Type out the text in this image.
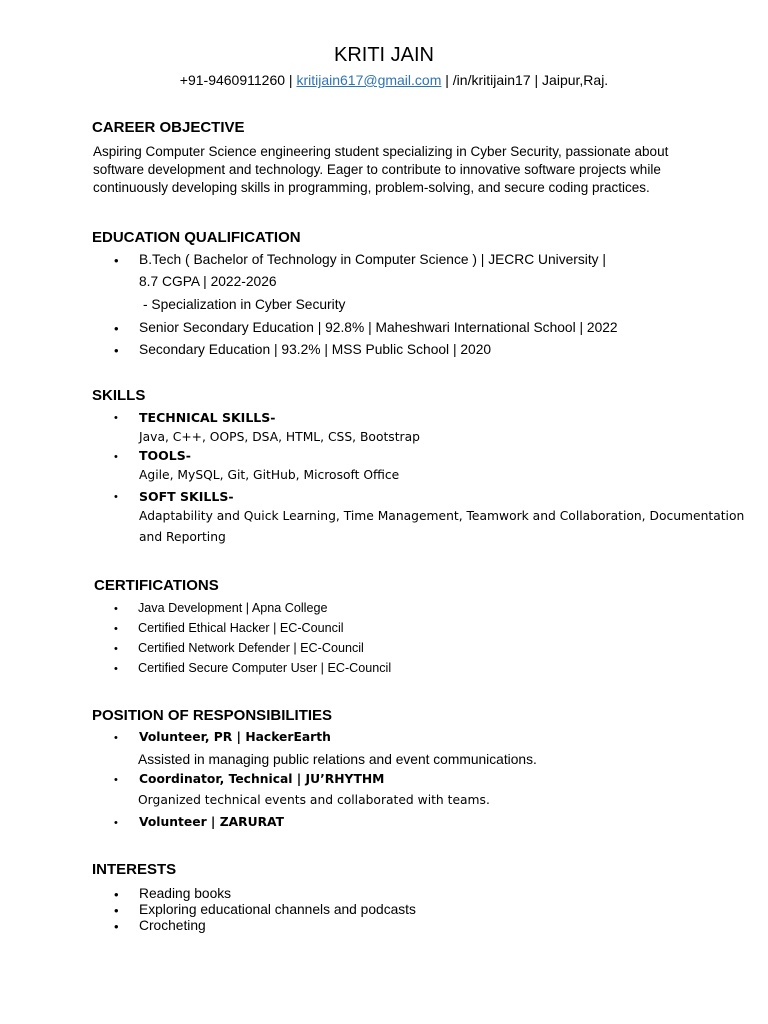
KRITI JAIN
+91-9460911260 | kritijain617@gmail.com | /in/kritijain17 | Jaipur,Raj.
CAREER OBJECTIVE
Aspiring Computer Science engineering student specializing in Cyber Security, passionate about
software development and technology. Eager to contribute to innovative software projects while
continuously developing skills in programming, problem-solving, and secure coding practices.
EDUCATION QUALIFICATION
• B.Tech ( Bachelor of Technology in Computer Science ) | JECRC University |
8.7 CGPA | 2022-2026
- Specialization in Cyber Security
• Senior Secondary Education | 92.8% | Maheshwari International School | 2022
• Secondary Education | 93.2% | MSS Public School | 2020
SKILLS
• TECHNICAL SKILLS-
Java, C++, OOPS, DSA, HTML, CSS, Bootstrap
• TOOLS-
Agile, MySQL, Git, GitHub, Microsoft Office
• SOFT SKILLS-
Adaptability and Quick Learning, Time Management, Teamwork and Collaboration, Documentation
and Reporting
CERTIFICATIONS
• Java Development | Apna College
• Certified Ethical Hacker | EC-Council
• Certified Network Defender | EC-Council
• Certified Secure Computer User | EC-Council
POSITION OF RESPONSIBILITIES
• Volunteer, PR | HackerEarth
Assisted in managing public relations and event communications.
• Coordinator, Technical | JU’RHYTHM
Organized technical events and collaborated with teams.
• Volunteer | ZARURAT
INTERESTS
• Reading books
• Exploring educational channels and podcasts
• Crocheting
